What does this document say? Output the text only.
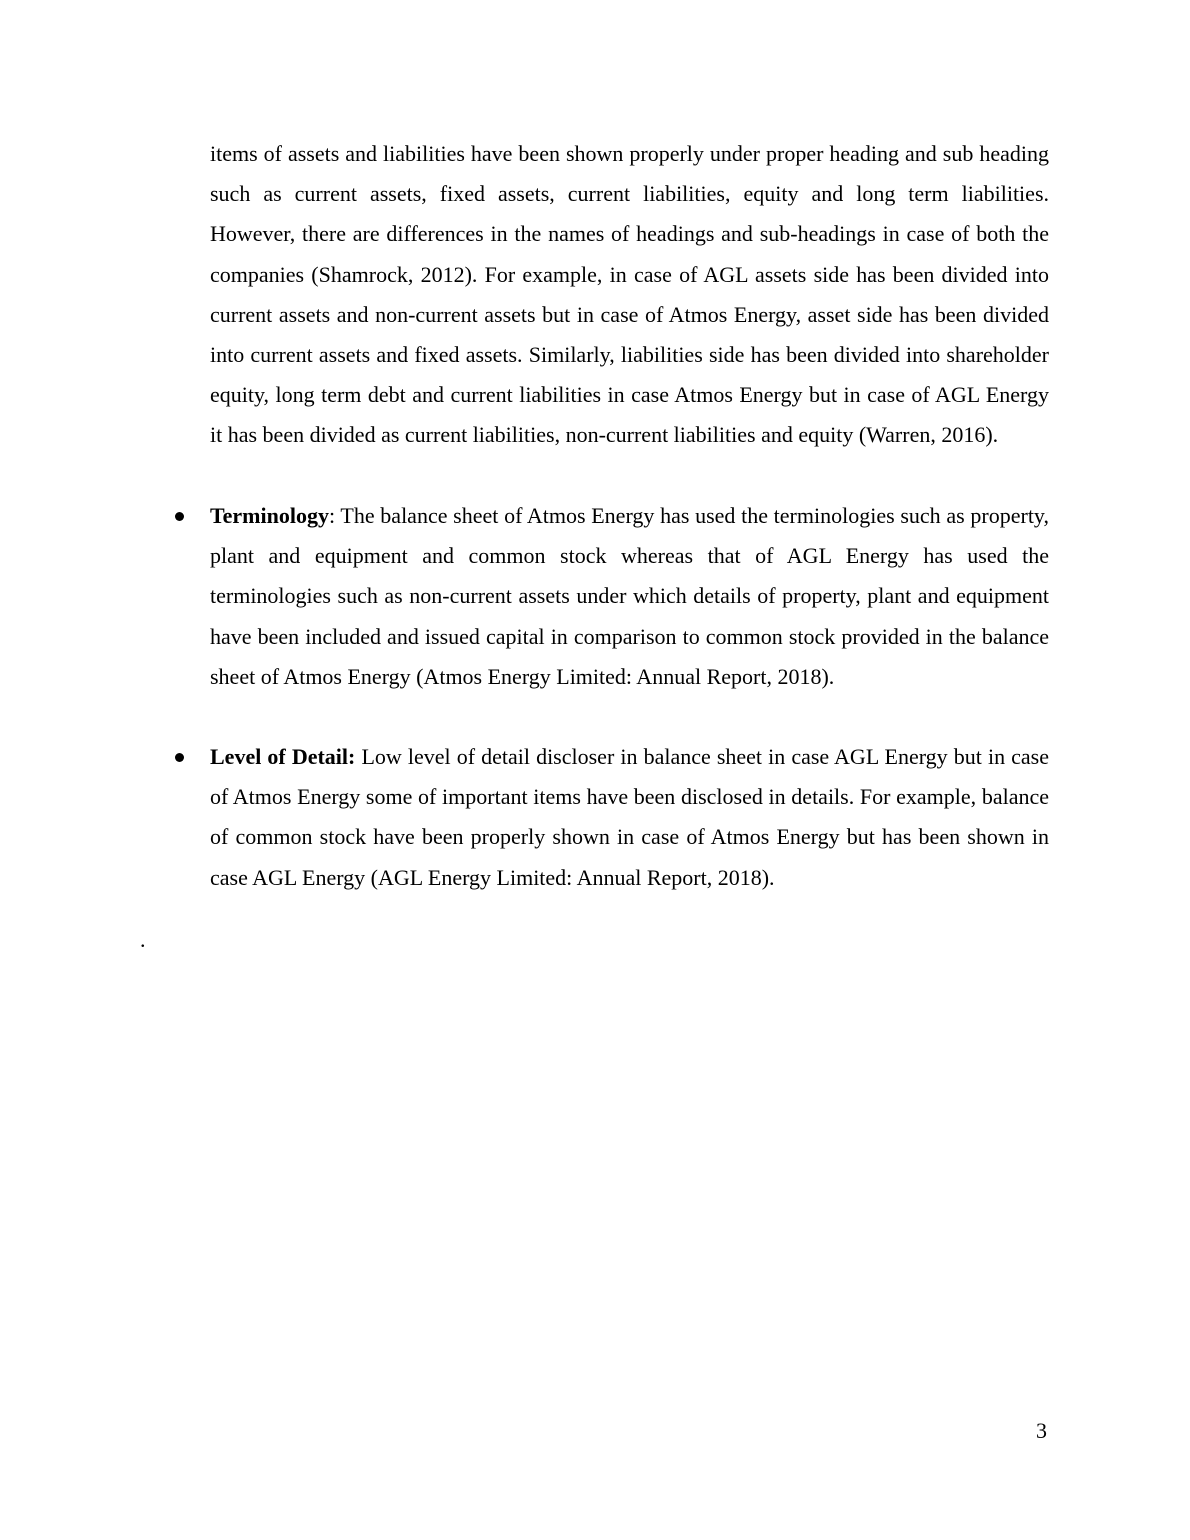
items of assets and liabilities have been shown properly under proper heading and sub heading such as current assets, fixed assets, current liabilities, equity and long term liabilities. However, there are differences in the names of headings and sub-headings in case of both the companies (Shamrock, 2012). For example, in case of AGL assets side has been divided into current assets and non-current assets but in case of Atmos Energy, asset side has been divided into current assets and fixed assets. Similarly, liabilities side has been divided into shareholder equity, long term debt and current liabilities in case Atmos Energy but in case of AGL Energy it has been divided as current liabilities, non-current liabilities and equity (Warren, 2016).

Terminology: The balance sheet of Atmos Energy has used the terminologies such as property, plant and equipment and common stock whereas that of AGL Energy has used the terminologies such as non-current assets under which details of property, plant and equipment have been included and issued capital in comparison to common stock provided in the balance sheet of Atmos Energy (Atmos Energy Limited: Annual Report, 2018).

Level of Detail: Low level of detail discloser in balance sheet in case AGL Energy but in case of Atmos Energy some of important items have been disclosed in details. For example, balance of common stock have been properly shown in case of Atmos Energy but has been shown in case AGL Energy (AGL Energy Limited: Annual Report, 2018).

.
3
